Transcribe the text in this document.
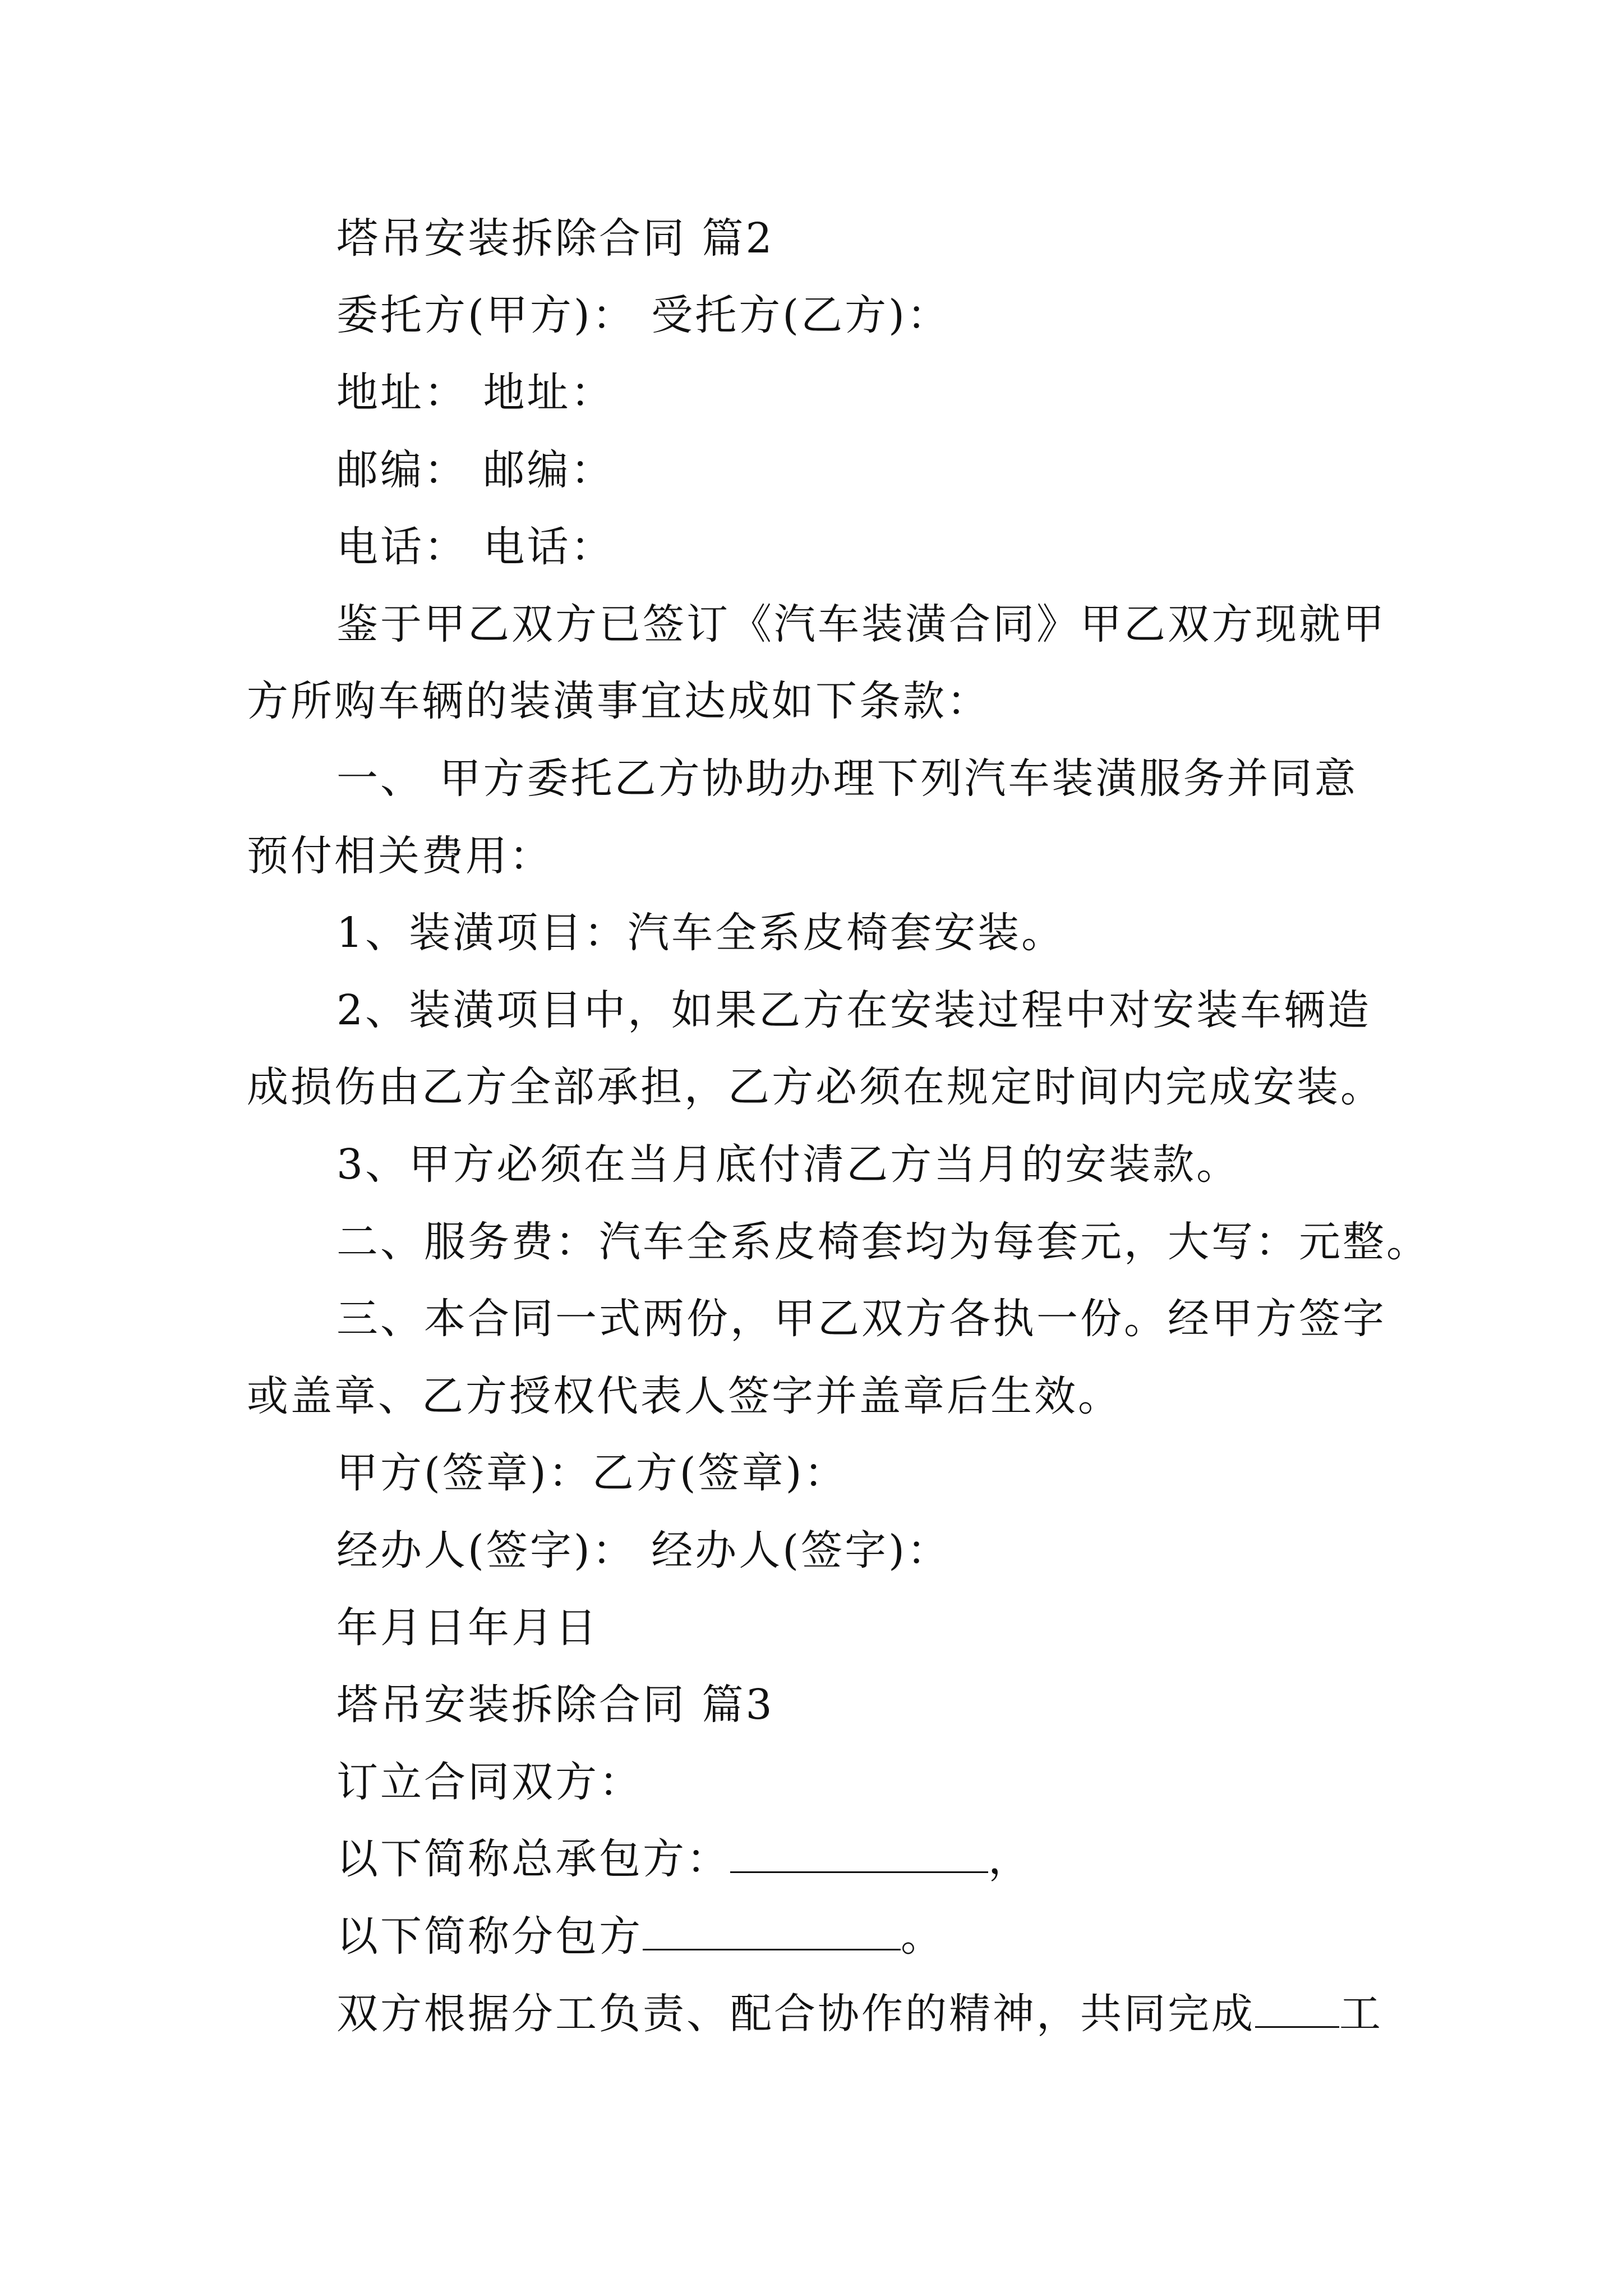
塔吊安装拆除合同 篇2
委托方(甲方)： 受托方(乙方)：
地址： 地址：
邮编： 邮编：
电话： 电话：
鉴于甲乙双方已签订《汽车装潢合同》甲乙双方现就甲
方所购车辆的装潢事宜达成如下条款：
一、 甲方委托乙方协助办理下列汽车装潢服务并同意
预付相关费用：
1、装潢项目：汽车全系皮椅套安装。
2、装潢项目中，如果乙方在安装过程中对安装车辆造
成损伤由乙方全部承担，乙方必须在规定时间内完成安装。
3、甲方必须在当月底付清乙方当月的安装款。
二、服务费：汽车全系皮椅套均为每套元，大写：元整。
三、本合同一式两份，甲乙双方各执一份。经甲方签字
或盖章、乙方授权代表人签字并盖章后生效。
甲方(签章)：乙方(签章)：
经办人(签字)： 经办人(签字)：
年月日年月日
塔吊安装拆除合同 篇3
订立合同双方：
以下简称总承包方：	，
以下简称分包方	。
双方根据分工负责、配合协作的精神，共同完成 工
